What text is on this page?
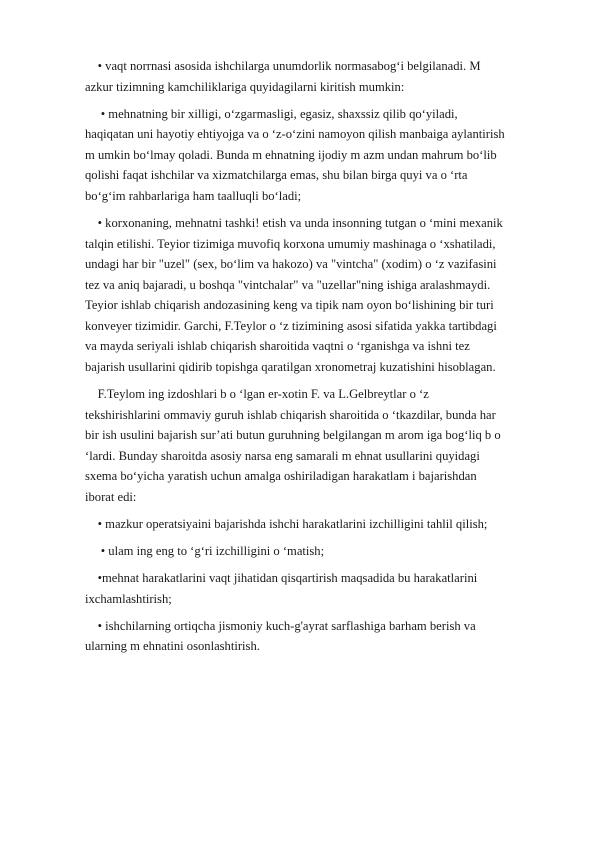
• vaqt norrnasi asosida ishchilarga unumdorlik normasabog‘i belgilanadi. M
azkur tizimning kamchiliklariga quyidagilarni kiritish mumkin:

• mehnatning bir xilligi, o‘zgarmasligi, egasiz, shaxssiz qilib qo‘yiladi,
haqiqatan uni hayotiy ehtiyojga va o ‘z-o‘zini namoyon qilish manbaiga aylantirish
m umkin bo‘lmay qoladi. Bunda m ehnatning ijodiy m azm undan mahrum bo‘lib
qolishi faqat ishchilar va xizmatchilarga emas, shu bilan birga quyi va o ‘rta
bo‘g‘im rahbarlariga ham taalluqli bo‘ladi;

• korxonaning, mehnatni tashki! etish va unda insonning tutgan o ‘mini mexanik
talqin etilishi. Teyior tizimiga muvofiq korxona umumiy mashinaga o ‘xshatiladi,
undagi har bir "uzel" (sex, bo‘lim va hakozo) va "vintcha" (xodim) o ‘z vazifasini
tez va aniq bajaradi, u boshqa "vintchalar" va "uzellar"ning ishiga aralashmaydi.
Teyior ishlab chiqarish andozasining keng va tipik nam oyon bo‘lishining bir turi
konveyer tizimidir. Garchi, F.Teylor o ‘z tizimining asosi sifatida yakka tartibdagi
va mayda seriyali ishlab chiqarish sharoitida vaqtni o ‘rganishga va ishni tez
bajarish usullarini qidirib topishga qaratilgan xronometraj kuzatishini hisoblagan.

F.Teylom ing izdoshlari b o ‘lgan er-xotin F. va L.Gelbreytlar o ‘z
tekshirishlarini ommaviy guruh ishlab chiqarish sharoitida o ‘tkazdilar, bunda har
bir ish usulini bajarish sur’ati butun guruhning belgilangan m arom iga bog‘liq b o
‘lardi. Bunday sharoitda asosiy narsa eng samarali m ehnat usullarini quyidagi
sxema bo‘yicha yaratish uchun amalga oshiriladigan harakatlam i bajarishdan
iborat edi:

• mazkur operatsiyaini bajarishda ishchi harakatlarini izchilligini tahlil qilish;

• ulam ing eng to ‘g‘ri izchilligini o ‘matish;

•mehnat harakatlarini vaqt jihatidan qisqartirish maqsadida bu harakatlarini
ixchamlashtirish;

• ishchilarning ortiqcha jismoniy kuch-g'ayrat sarflashiga barham berish va
ularning m ehnatini osonlashtirish.
